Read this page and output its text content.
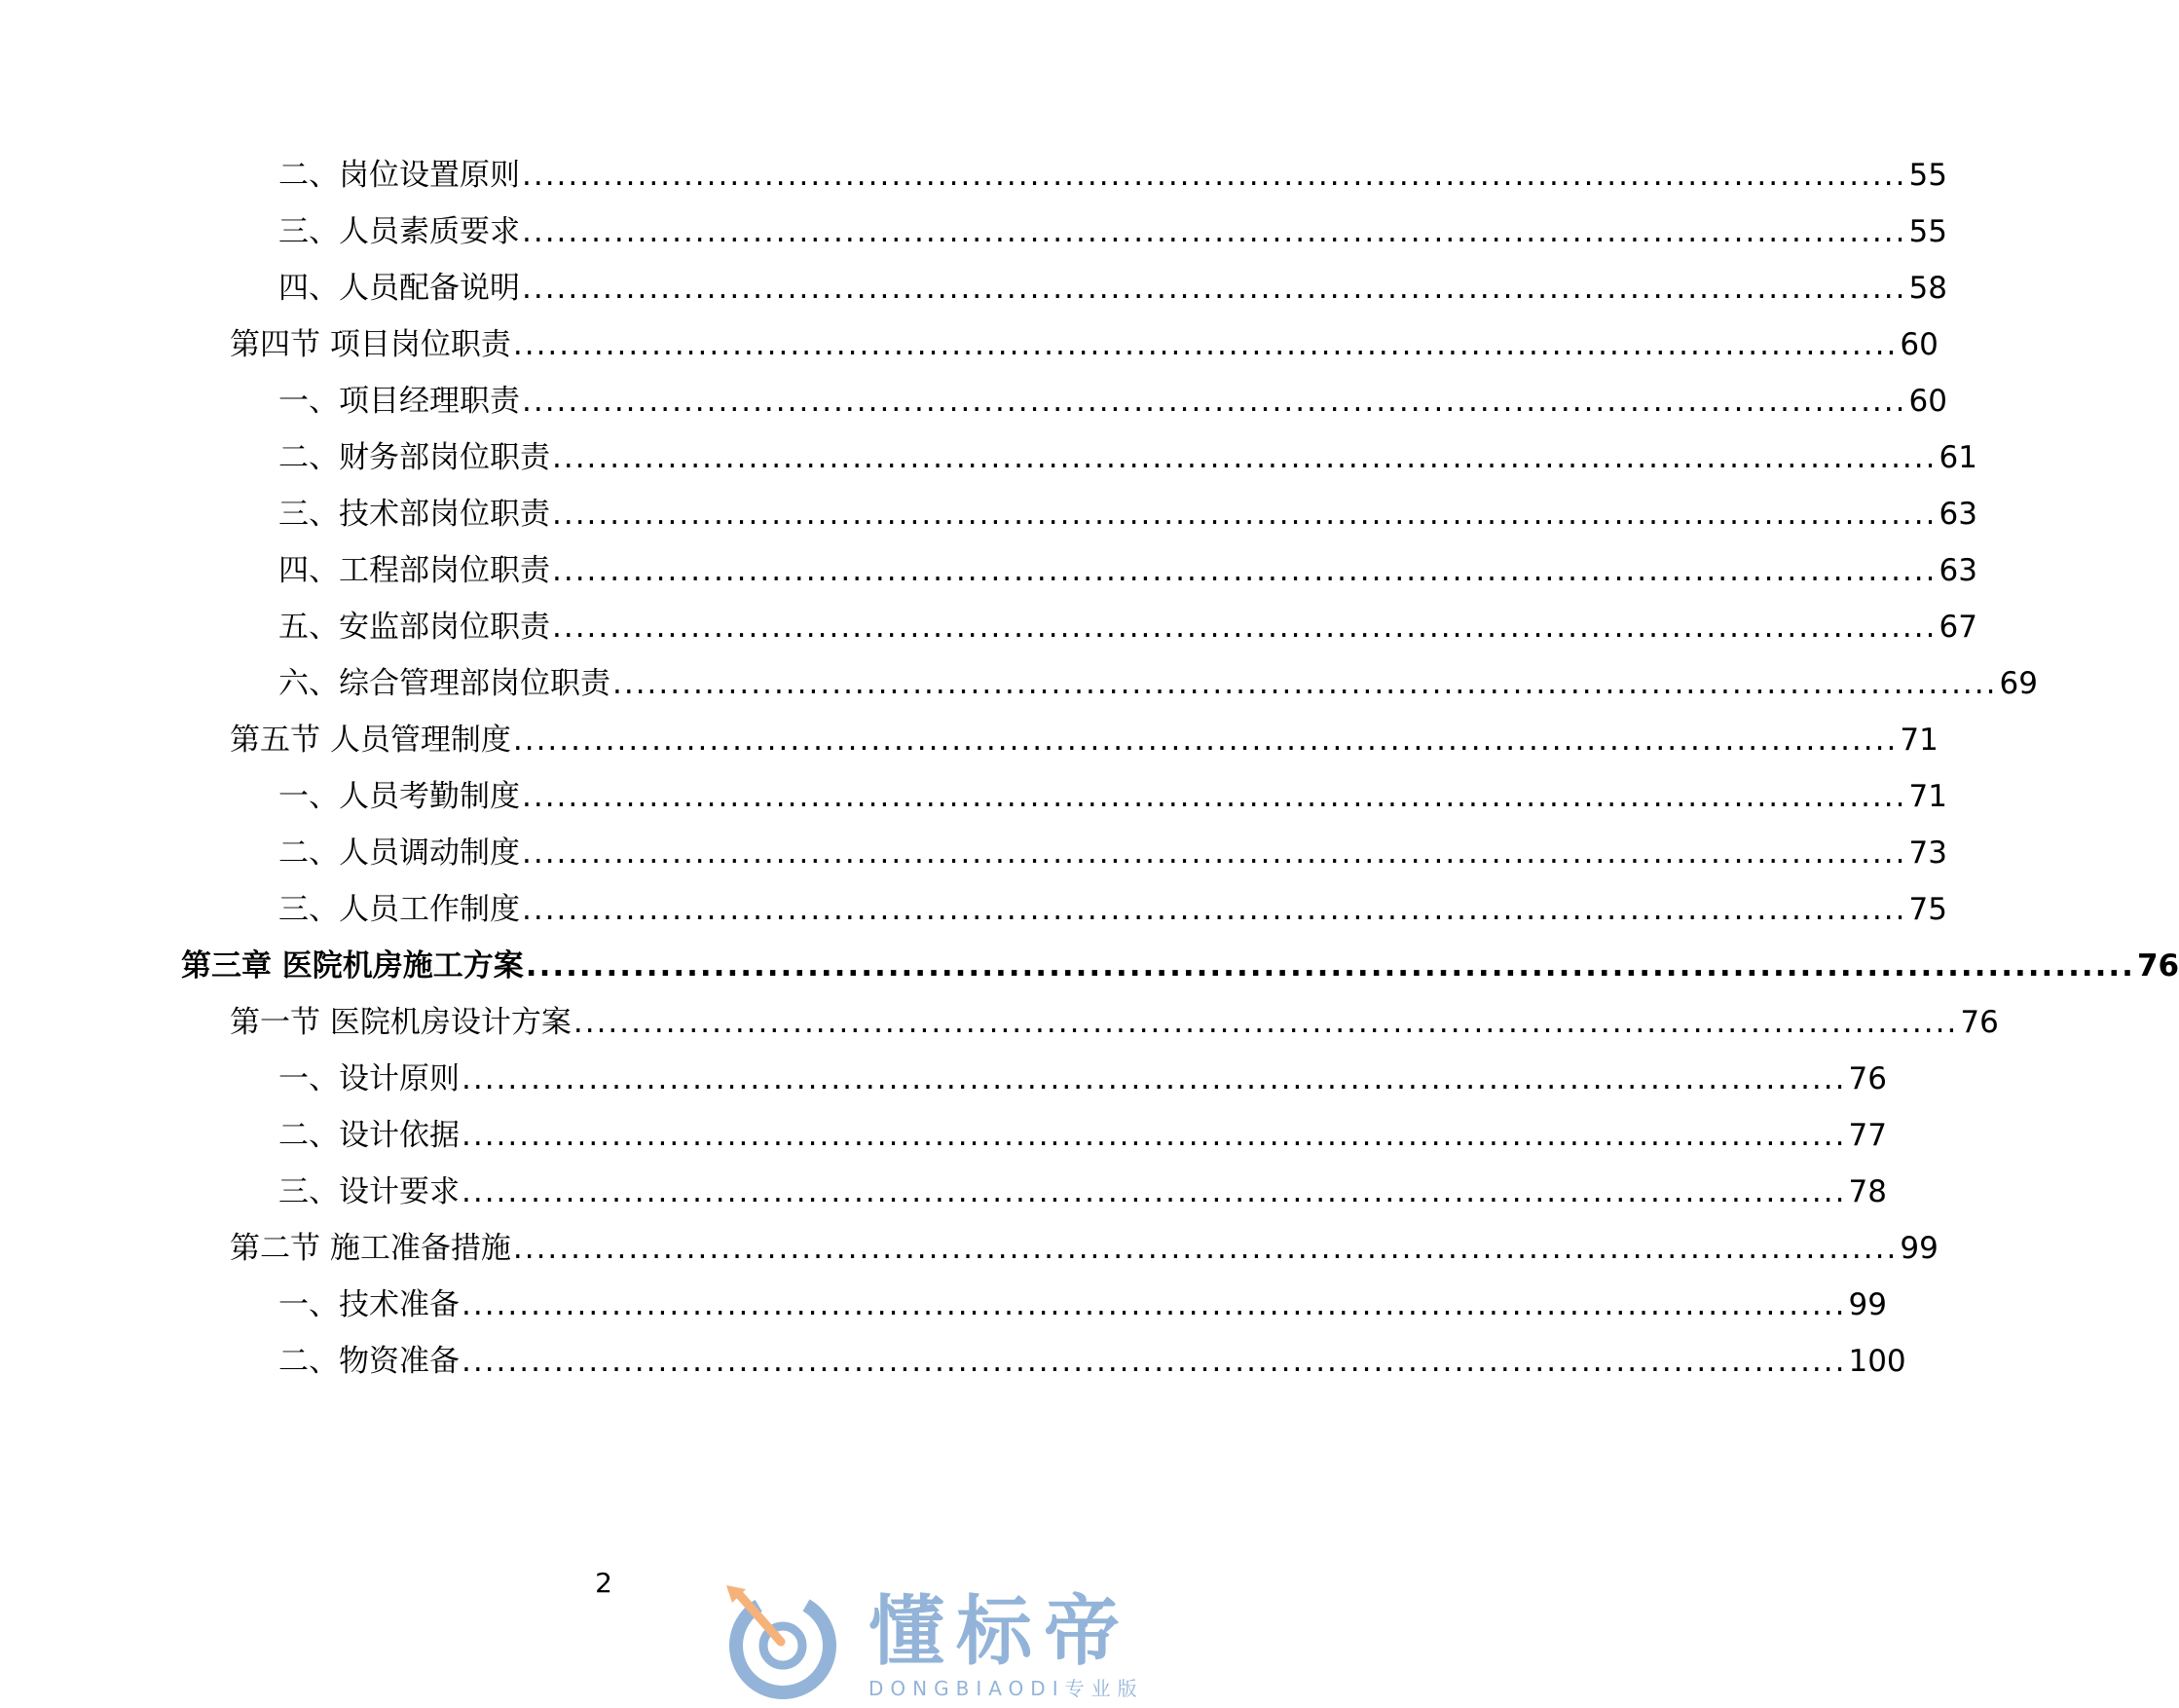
二、岗位设置原则 ........................................................................................................................ 55
三、人员素质要求 ........................................................................................................................ 55
四、人员配备说明 ........................................................................................................................ 58
第四节 项目岗位职责 ........................................................................................................................ 60
一、项目经理职责 ........................................................................................................................ 60
二、财务部岗位职责 ........................................................................................................................ 61
三、技术部岗位职责 ........................................................................................................................ 63
四、工程部岗位职责 ........................................................................................................................ 63
五、安监部岗位职责 ........................................................................................................................ 67
六、综合管理部岗位职责 ........................................................................................................................ 69
第五节 人员管理制度 ........................................................................................................................ 71
一、人员考勤制度 ........................................................................................................................ 71
二、人员调动制度 ........................................................................................................................ 73
三、人员工作制度 ........................................................................................................................ 75
第三章 医院机房施工方案 ........................................................................................................................ 76
第一节 医院机房设计方案 ........................................................................................................................ 76
一、设计原则 ........................................................................................................................ 76
二、设计依据 ........................................................................................................................ 77
三、设计要求 ........................................................................................................................ 78
第二节 施工准备措施 ........................................................................................................................ 99
一、技术准备 ........................................................................................................................ 99
二、物资准备 ........................................................................................................................ 100
2
懂标帝
DONGBIAODI专业版
